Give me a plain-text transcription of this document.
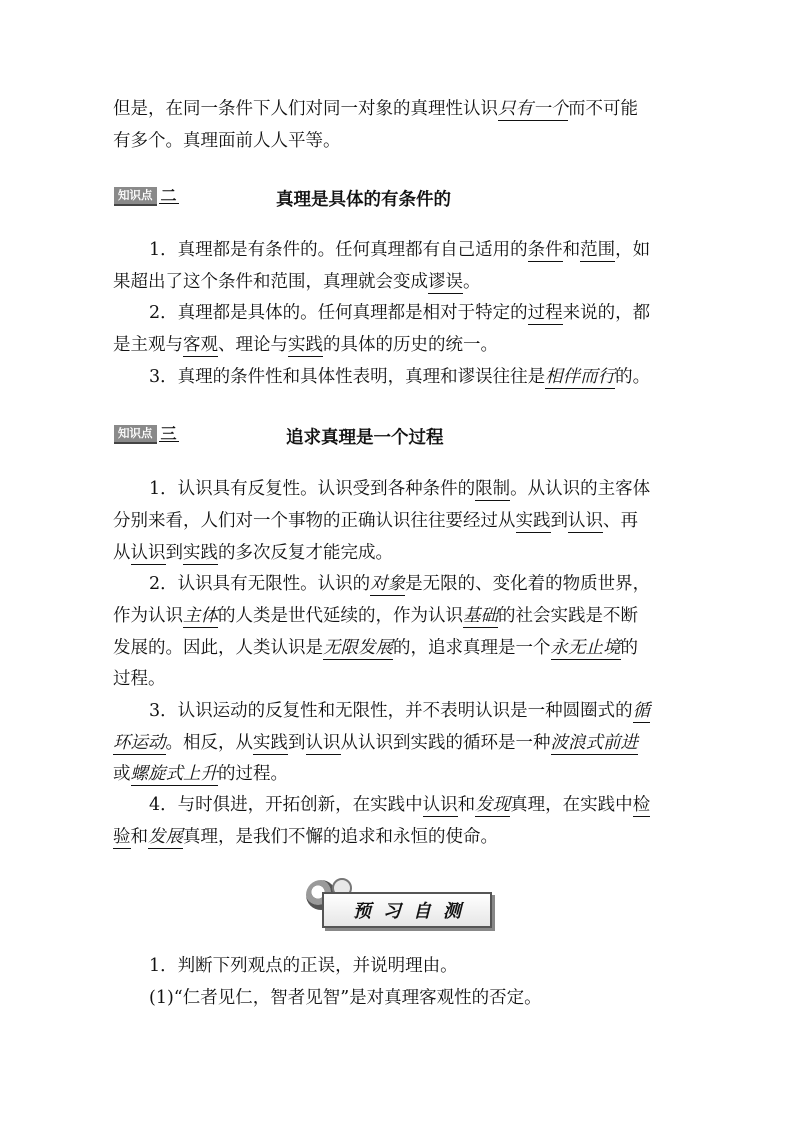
但是，在同一条件下人们对同一对象的真理性认识只有一个而不可能
有多个。真理面前人人平等。
知识点 二	真理是具体的有条件的
1．真理都是有条件的。任何真理都有自己适用的条件和范围，如
果超出了这个条件和范围，真理就会变成谬误。
2．真理都是具体的。任何真理都是相对于特定的过程来说的，都
是主观与客观、理论与实践的具体的历史的统一。
3．真理的条件性和具体性表明，真理和谬误往往是相伴而行的。
知识点 三	追求真理是一个过程
1．认识具有反复性。认识受到各种条件的限制。从认识的主客体
分别来看，人们对一个事物的正确认识往往要经过从实践到认识、再
从认识到实践的多次反复才能完成。
2．认识具有无限性。认识的对象是无限的、变化着的物质世界，
作为认识主体的人类是世代延续的，作为认识基础的社会实践是不断
发展的。因此，人类认识是无限发展的，追求真理是一个永无止境的
过程。
3．认识运动的反复性和无限性，并不表明认识是一种圆圈式的循
环运动。相反，从实践到认识从认识到实践的循环是一种波浪式前进
或螺旋式上升的过程。
4．与时俱进，开拓创新，在实践中认识和发现真理，在实践中检
验和发展真理，是我们不懈的追求和永恒的使命。
预习自测
1．判断下列观点的正误，并说明理由。
(1)“仁者见仁，智者见智”是对真理客观性的否定。
